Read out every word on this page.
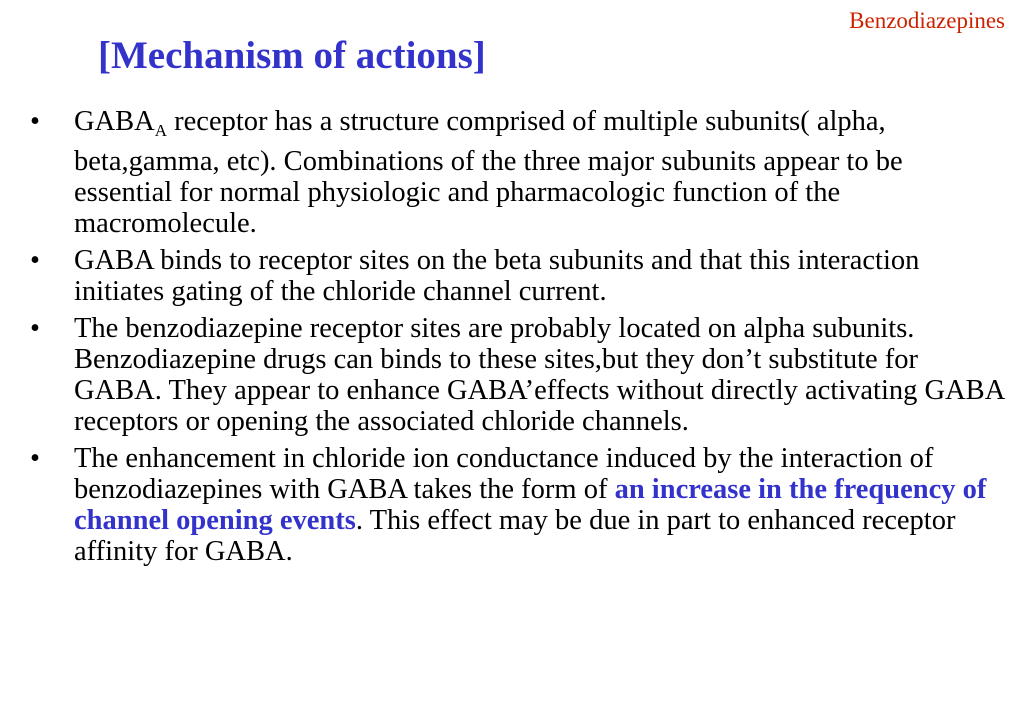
Benzodiazepines
[Mechanism of actions]
• $GABA_A$ receptor has a structure comprised of multiple subunits( alpha, beta,gamma, etc). Combinations of the three major subunits appear to be essential for normal physiologic and pharmacologic function of the macromolecule.
• GABA binds to receptor sites on the beta subunits and that this interaction initiates gating of the chloride channel current.
• The benzodiazepine receptor sites are probably located on alpha subunits. Benzodiazepine drugs can binds to these sites,but they don’t substitute for GABA. They appear to enhance GABA’effects without directly activating GABA receptors or opening the associated chloride channels.
• The enhancement in chloride ion conductance induced by the interaction of benzodiazepines with GABA takes the form of an increase in the frequency of channel opening events. This effect may be due in part to enhanced receptor affinity for GABA.
